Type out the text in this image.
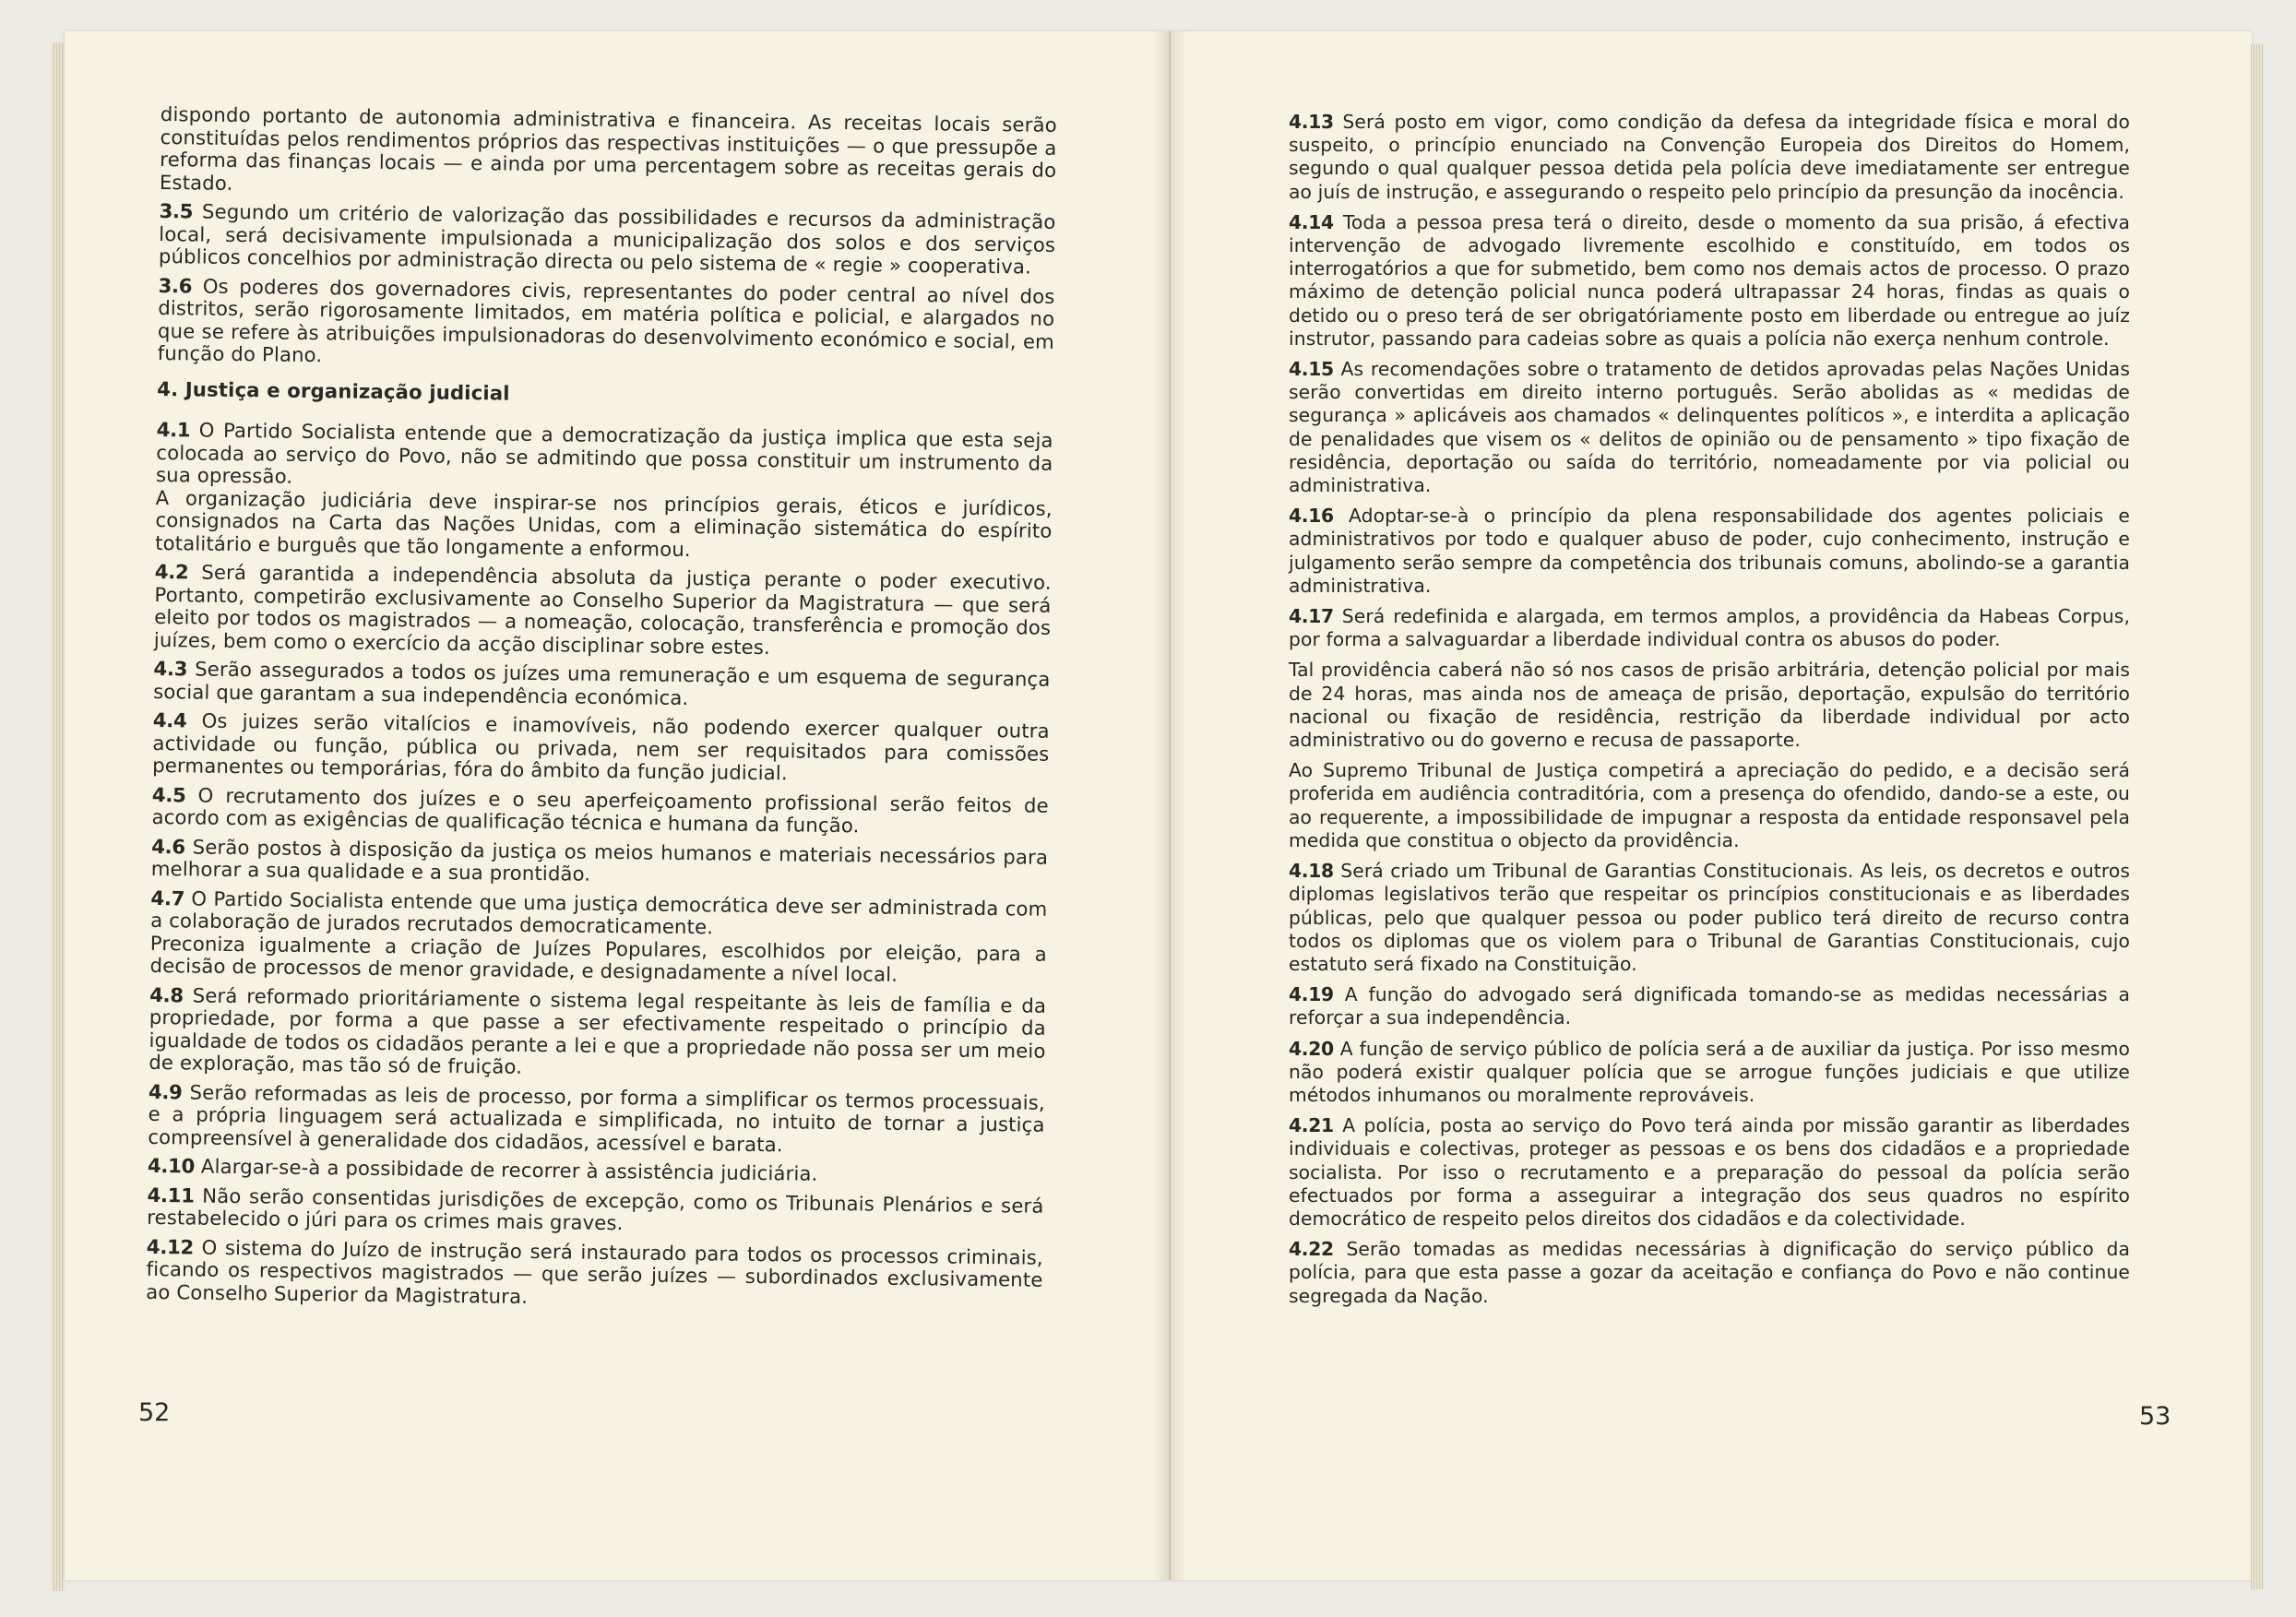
dispondo portanto de autonomia administrativa e financeira. As receitas locais serão constituídas pelos rendimentos próprios das respectivas instituições — o que pressupõe a reforma das finanças locais — e ainda por uma percentagem sobre as receitas gerais do Estado.

3.5 Segundo um critério de valorização das possibilidades e recursos da administração local, será decisivamente impulsionada a municipalização dos solos e dos serviços públicos concelhios por administração directa ou pelo sistema de « regie » cooperativa.

3.6 Os poderes dos governadores civis, representantes do poder central ao nível dos distritos, serão rigorosamente limitados, em matéria política e policial, e alargados no que se refere às atribuições impulsionadoras do desenvolvimento económico e social, em função do Plano.

4. Justiça e organização judicial

4.1 O Partido Socialista entende que a democratização da justiça implica que esta seja colocada ao serviço do Povo, não se admitindo que possa constituir um instrumento da sua opressão.

A organização judiciária deve inspirar-se nos princípios gerais, éticos e jurídicos, consignados na Carta das Nações Unidas, com a eliminação sistemática do espírito totalitário e burguês que tão longamente a enformou.

4.2 Será garantida a independência absoluta da justiça perante o poder executivo. Portanto, competirão exclusivamente ao Conselho Superior da Magistratura — que será eleito por todos os magistrados — a nomeação, colocação, transferência e promoção dos juízes, bem como o exercício da acção disciplinar sobre estes.

4.3 Serão assegurados a todos os juízes uma remuneração e um esquema de segurança social que garantam a sua independência económica.

4.4 Os juizes serão vitalícios e inamovíveis, não podendo exercer qualquer outra actividade ou função, pública ou privada, nem ser requisitados para comissões permanentes ou temporárias, fóra do âmbito da função judicial.

4.5 O recrutamento dos juízes e o seu aperfeiçoamento profissional serão feitos de acordo com as exigências de qualificação técnica e humana da função.

4.6 Serão postos à disposição da justiça os meios humanos e materiais necessários para melhorar a sua qualidade e a sua prontidão.

4.7 O Partido Socialista entende que uma justiça democrática deve ser administrada com a colaboração de jurados recrutados democraticamente.

Preconiza igualmente a criação de Juízes Populares, escolhidos por eleição, para a decisão de processos de menor gravidade, e designadamente a nível local.

4.8 Será reformado prioritáriamente o sistema legal respeitante às leis de família e da propriedade, por forma a que passe a ser efectivamente respeitado o princípio da igualdade de todos os cidadãos perante a lei e que a propriedade não possa ser um meio de exploração, mas tão só de fruição.

4.9 Serão reformadas as leis de processo, por forma a simplificar os termos processuais, e a própria linguagem será actualizada e simplificada, no intuito de tornar a justiça compreensível à generalidade dos cidadãos, acessível e barata.

4.10 Alargar-se-à a possibidade de recorrer à assistência judiciária.

4.11 Não serão consentidas jurisdições de excepção, como os Tribunais Plenários e será restabelecido o júri para os crimes mais graves.

4.12 O sistema do Juízo de instrução será instaurado para todos os processos criminais, ficando os respectivos magistrados — que serão juízes — subordinados exclusivamente ao Conselho Superior da Magistratura.

52

4.13 Será posto em vigor, como condição da defesa da integridade física e moral do suspeito, o princípio enunciado na Convenção Europeia dos Direitos do Homem, segundo o qual qualquer pessoa detida pela polícia deve imediatamente ser entregue ao juís de instrução, e assegurando o respeito pelo princípio da presunção da inocência.

4.14 Toda a pessoa presa terá o direito, desde o momento da sua prisão, á efectiva intervenção de advogado livremente escolhido e constituído, em todos os interrogatórios a que for submetido, bem como nos demais actos de processo. O prazo máximo de detenção policial nunca poderá ultrapassar 24 horas, findas as quais o detido ou o preso terá de ser obrigatóriamente posto em liberdade ou entregue ao juíz instrutor, passando para cadeias sobre as quais a polícia não exerça nenhum controle.

4.15 As recomendações sobre o tratamento de detidos aprovadas pelas Nações Unidas serão convertidas em direito interno português. Serão abolidas as « medidas de segurança » aplicáveis aos chamados « delinquentes políticos », e interdita a aplicação de penalidades que visem os « delitos de opinião ou de pensamento » tipo fixação de residência, deportação ou saída do território, nomeadamente por via policial ou administrativa.

4.16 Adoptar-se-à o princípio da plena responsabilidade dos agentes policiais e administrativos por todo e qualquer abuso de poder, cujo conhecimento, instrução e julgamento serão sempre da competência dos tribunais comuns, abolindo-se a garantia administrativa.

4.17 Será redefinida e alargada, em termos amplos, a providência da Habeas Corpus, por forma a salvaguardar a liberdade individual contra os abusos do poder.

Tal providência caberá não só nos casos de prisão arbitrária, detenção policial por mais de 24 horas, mas ainda nos de ameaça de prisão, deportação, expulsão do território nacional ou fixação de residência, restrição da liberdade individual por acto administrativo ou do governo e recusa de passaporte.

Ao Supremo Tribunal de Justiça competirá a apreciação do pedido, e a decisão será proferida em audiência contraditória, com a presença do ofendido, dando-se a este, ou ao requerente, a impossibilidade de impugnar a resposta da entidade responsavel pela medida que constitua o objecto da providência.

4.18 Será criado um Tribunal de Garantias Constitucionais. As leis, os decretos e outros diplomas legislativos terão que respeitar os princípios constitucionais e as liberdades públicas, pelo que qualquer pessoa ou poder publico terá direito de recurso contra todos os diplomas que os violem para o Tribunal de Garantias Constitucionais, cujo estatuto será fixado na Constituição.

4.19 A função do advogado será dignificada tomando-se as medidas necessárias a reforçar a sua independência.

4.20 A função de serviço público de polícia será a de auxiliar da justiça. Por isso mesmo não poderá existir qualquer polícia que se arrogue funções judiciais e que utilize métodos inhumanos ou moralmente reprováveis.

4.21 A polícia, posta ao serviço do Povo terá ainda por missão garantir as liberdades individuais e colectivas, proteger as pessoas e os bens dos cidadãos e a propriedade socialista. Por isso o recrutamento e a preparação do pessoal da polícia serão efectuados por forma a asseguirar a integração dos seus quadros no espírito democrático de respeito pelos direitos dos cidadãos e da colectividade.

4.22 Serão tomadas as medidas necessárias à dignificação do serviço público da polícia, para que esta passe a gozar da aceitação e confiança do Povo e não continue segregada da Nação.

53
